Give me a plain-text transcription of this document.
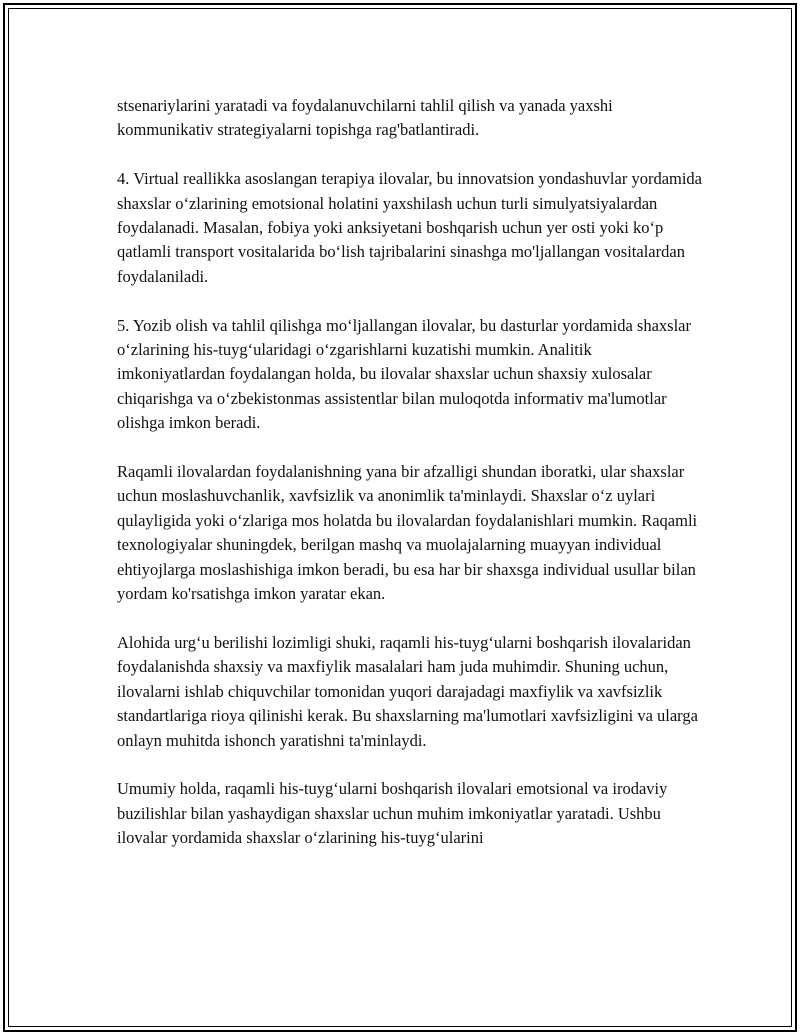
stsenariylarini yaratadi va foydalanuvchilarni tahlil qilish va yanada yaxshi kommunikativ strategiyalarni topishga rag'batlantiradi.

4. Virtual reallikka asoslangan terapiya ilovalar, bu innovatsion yondashuvlar yordamida shaxslar o‘zlarining emotsional holatini yaxshilash uchun turli simulyatsiyalardan foydalanadi. Masalan, fobiya yoki anksiyetani boshqarish uchun yer osti yoki ko‘p qatlamli transport vositalarida bo‘lish tajribalarini sinashga mo'ljallangan vositalardan foydalaniladi.

5. Yozib olish va tahlil qilishga mo‘ljallangan ilovalar, bu dasturlar yordamida shaxslar o‘zlarining his-tuyg‘ularidagi o‘zgarishlarni kuzatishi mumkin. Analitik imkoniyatlardan foydalangan holda, bu ilovalar shaxslar uchun shaxsiy xulosalar chiqarishga va o‘zbekistonmas assistentlar bilan muloqotda informativ ma'lumotlar olishga imkon beradi.

Raqamli ilovalardan foydalanishning yana bir afzalligi shundan iboratki, ular shaxslar uchun moslashuvchanlik, xavfsizlik va anonimlik ta'minlaydi. Shaxslar o‘z uylari qulayligida yoki o‘zlariga mos holatda bu ilovalardan foydalanishlari mumkin. Raqamli texnologiyalar shuningdek, berilgan mashq va muolajalarning muayyan individual ehtiyojlarga moslashishiga imkon beradi, bu esa har bir shaxsga individual usullar bilan yordam ko'rsatishga imkon yaratar ekan.

Alohida urg‘u berilishi lozimligi shuki, raqamli his-tuyg‘ularni boshqarish ilovalaridan foydalanishda shaxsiy va maxfiylik masalalari ham juda muhimdir. Shuning uchun, ilovalarni ishlab chiquvchilar tomonidan yuqori darajadagi maxfiylik va xavfsizlik standartlariga rioya qilinishi kerak. Bu shaxslarning ma'lumotlari xavfsizligini va ularga onlayn muhitda ishonch yaratishni ta'minlaydi.

Umumiy holda, raqamli his-tuyg‘ularni boshqarish ilovalari emotsional va irodaviy buzilishlar bilan yashaydigan shaxslar uchun muhim imkoniyatlar yaratadi. Ushbu ilovalar yordamida shaxslar o‘zlarining his-tuyg‘ularini
